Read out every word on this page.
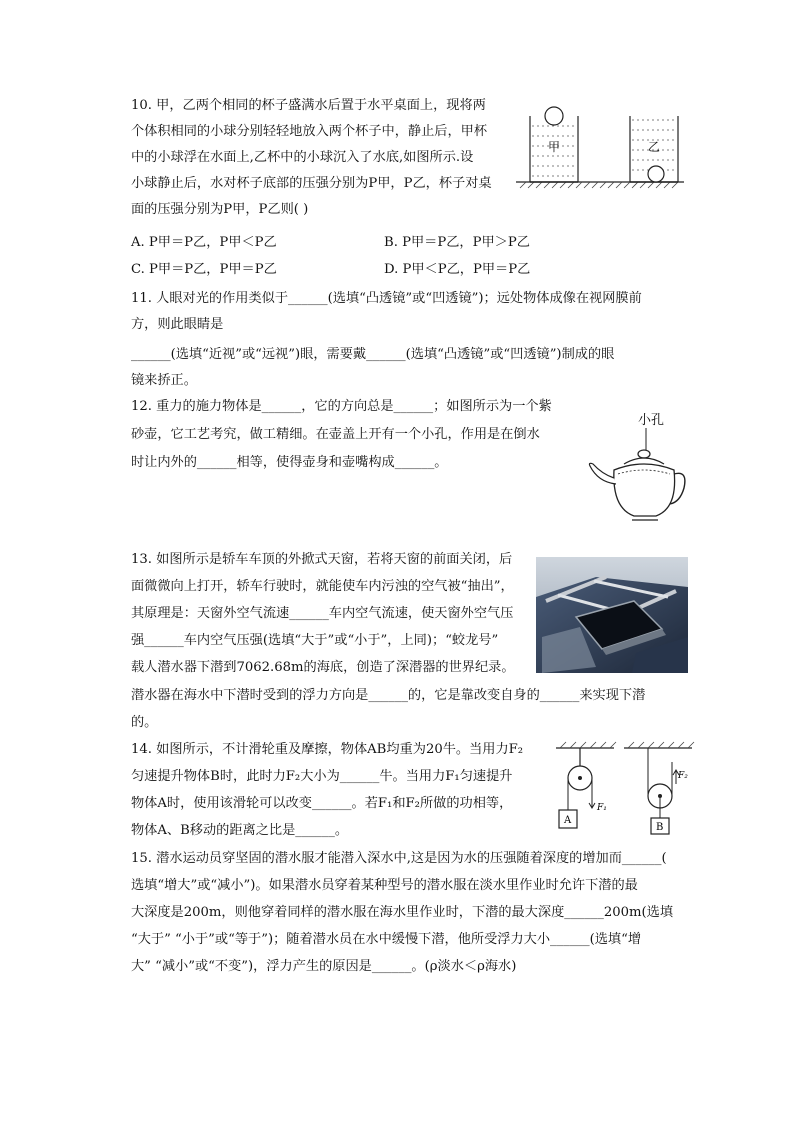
10. 甲，乙两个相同的杯子盛满水后置于水平桌面上，现将两
个体积相同的小球分别轻轻地放入两个杯子中，静止后，甲杯
中的小球浮在水面上,乙杯中的小球沉入了水底,如图所示.设
小球静止后，水对杯子底部的压强分别为P甲，P乙，杯子对桌
面的压强分别为P甲，P乙则( )
A. P甲＝P乙，P甲＜P乙	B. P甲＝P乙，P甲＞P乙
C. P甲＝P乙，P甲＝P乙	D. P甲＜P乙，P甲＝P乙
甲	乙
11. 人眼对光的作用类似于______(选填“凸透镜”或“凹透镜”)；远处物体成像在视网膜前
方，则此眼睛是
______(选填“近视”或“远视”)眼，需要戴______(选填“凸透镜”或“凹透镜”)制成的眼
镜来挢正。
12. 重力的施力物体是______，它的方向总是______；如图所示为一个紫
砂壶，它工艺考究，做工精细。在壶盖上开有一个小孔，作用是在倒水
时让内外的______相等，使得壶身和壶嘴构成______。
小孔
13. 如图所示是轿车车顶的外掀式天窗，若将天窗的前面关闭，后
面微微向上打开，轿车行驶时，就能使车内污浊的空气被“抽出”，
其原理是：天窗外空气流速______车内空气流速，使天窗外空气压
强______车内空气压强(选填“大于”或“小于”，上同)；“蛟龙号”
载人潜水器下潜到7062.68m的海底，创造了深潜器的世界纪录。
潜水器在海水中下潜时受到的浮力方向是______的，它是靠改变自身的______来实现下潜
的。
14. 如图所示，不计滑轮重及摩擦，物体AB均重为20牛。当用力F₂
匀速提升物体B时，此时力F₂大小为______牛。当用力F₁匀速提升
物体A时，使用该滑轮可以改变______。若F₁和F₂所做的功相等，
物体A、B移动的距离之比是______。
F₁
A
F₂
B
15. 潜水运动员穿坚固的潜水服才能潜入深水中,这是因为水的压强随着深度的增加而______(
选填“增大”或“减小”)。如果潜水员穿着某种型号的潜水服在淡水里作业时允许下潜的最
大深度是200m，则他穿着同样的潜水服在海水里作业时，下潜的最大深度______200m(选填
“大于” “小于”或“等于”)；随着潜水员在水中缓慢下潜，他所受浮力大小______(选填“增
大” “减小”或“不变”)，浮力产生的原因是______。(ρ淡水＜ρ海水)
